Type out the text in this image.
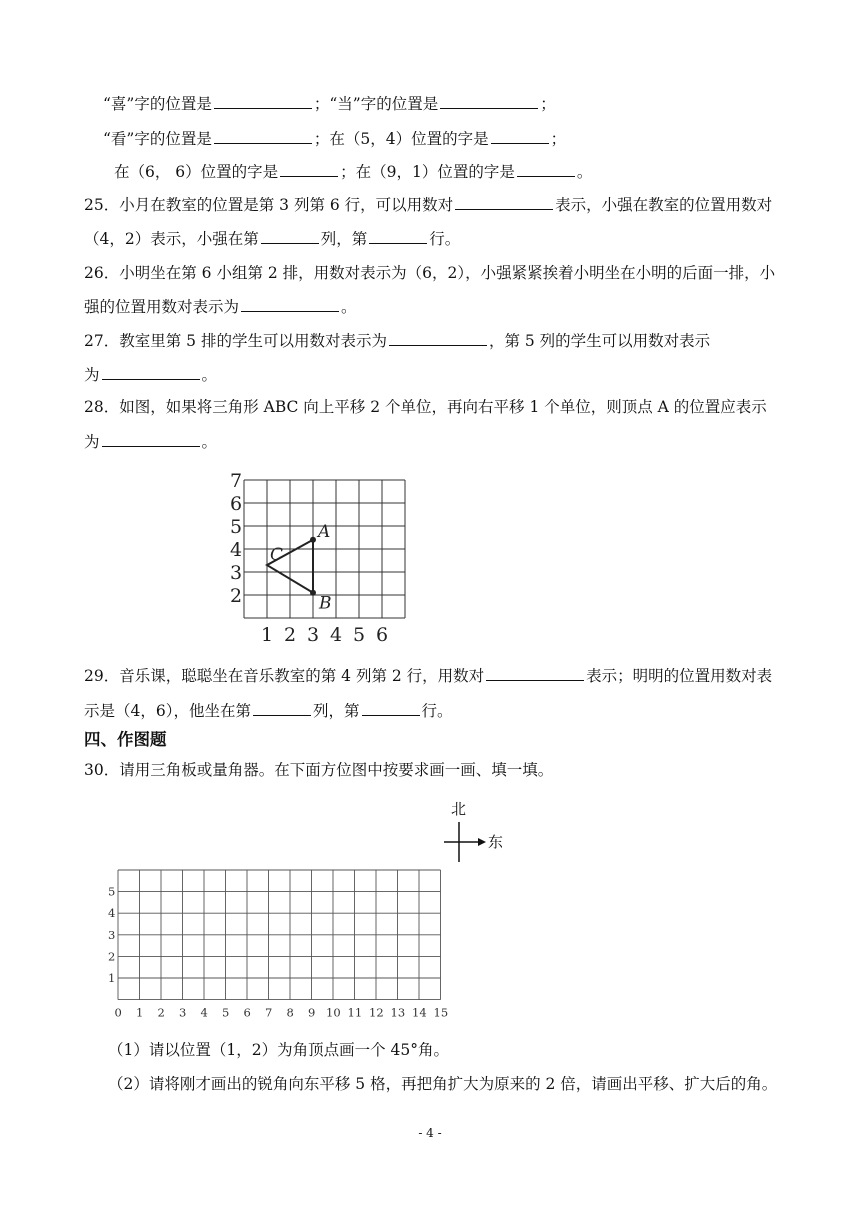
“喜”字的位置是	；“当”字的位置是	；
“看”字的位置是	；在（5，4）位置的字是	；
在（6， 6）位置的字是	；在（9，1）位置的字是	。
25．小月在教室的位置是第 3 列第 6 行，可以用数对	表示，小强在教室的位置用数对
（4，2）表示，小强在第	列，第	行。
26．小明坐在第 6 小组第 2 排，用数对表示为（6，2），小强紧紧挨着小明坐在小明的后面一排，小
强的位置用数对表示为	。
27．教室里第 5 排的学生可以用数对表示为	，第 5 列的学生可以用数对表示
为	。
28．如图，如果将三角形 ABC 向上平移 2 个单位，再向右平移 1 个单位，则顶点 A 的位置应表示
为	。
2
3
4
5
6
7
1 2 3 4 5 6
A
B
C
29．音乐课，聪聪坐在音乐教室的第 4 列第 2 行，用数对	表示；明明的位置用数对表
示是（4，6），他坐在第	列，第	行。
四、作图题
30．请用三角板或量角器。在下面方位图中按要求画一画、填一填。
北
东
0 1 2 3 4 5 6 7 8 9 10 11 12 13 14 15
1
2
3
4
5
（1）请以位置（1，2）为角顶点画一个 45°角。
（2）请将刚才画出的锐角向东平移 5 格，再把角扩大为原来的 2 倍，请画出平移、扩大后的角。
- 4 -
